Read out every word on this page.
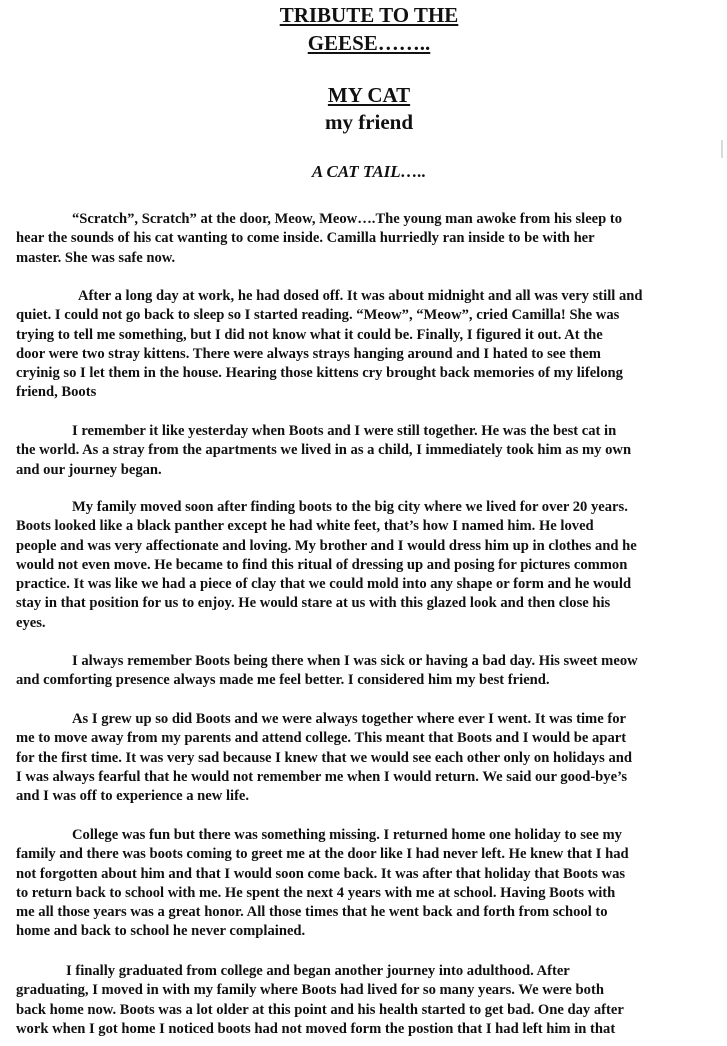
TRIBUTE TO THE
GEESE……..
MY CAT
my friend
A CAT TAIL…..

“Scratch”, Scratch” at the door, Meow, Meow….The young man awoke from his sleep to
hear the sounds of his cat wanting to come inside. Camilla hurriedly ran inside to be with her
master. She was safe now.

After a long day at work, he had dosed off. It was about midnight and all was very still and
quiet. I could not go back to sleep so I started reading. “Meow”, “Meow”, cried Camilla! She was
trying to tell me something, but I did not know what it could be. Finally, I figured it out. At the
door were two stray kittens. There were always strays hanging around and I hated to see them
cryinig so I let them in the house. Hearing those kittens cry brought back memories of my lifelong
friend, Boots

I remember it like yesterday when Boots and I were still together. He was the best cat in
the world. As a stray from the apartments we lived in as a child, I immediately took him as my own
and our journey began.

My family moved soon after finding boots to the big city where we lived for over 20 years.
Boots looked like a black panther except he had white feet, that’s how I named him. He loved
people and was very affectionate and loving. My brother and I would dress him up in clothes and he
would not even move. He became to find this ritual of dressing up and posing for pictures common
practice. It was like we had a piece of clay that we could mold into any shape or form and he would
stay in that position for us to enjoy. He would stare at us with this glazed look and then close his
eyes.

I always remember Boots being there when I was sick or having a bad day. His sweet meow
and comforting presence always made me feel better. I considered him my best friend.

As I grew up so did Boots and we were always together where ever I went. It was time for
me to move away from my parents and attend college. This meant that Boots and I would be apart
for the first time. It was very sad because I knew that we would see each other only on holidays and
I was always fearful that he would not remember me when I would return. We said our good-bye’s
and I was off to experience a new life.

College was fun but there was something missing. I returned home one holiday to see my
family and there was boots coming to greet me at the door like I had never left. He knew that I had
not forgotten about him and that I would soon come back. It was after that holiday that Boots was
to return back to school with me. He spent the next 4 years with me at school. Having Boots with
me all those years was a great honor. All those times that he went back and forth from school to
home and back to school he never complained.

I finally graduated from college and began another journey into adulthood. After
graduating, I moved in with my family where Boots had lived for so many years. We were both
back home now. Boots was a lot older at this point and his health started to get bad. One day after
work when I got home I noticed boots had not moved form the postion that I had left him in that
